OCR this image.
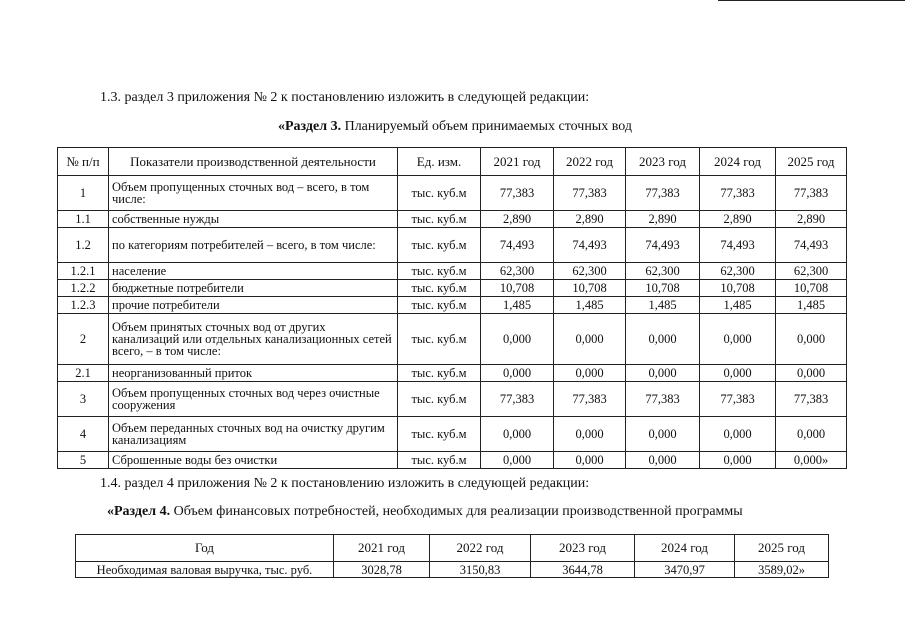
1.3. раздел 3 приложения № 2 к постановлению изложить в следующей редакции:
«Раздел 3. Планируемый объем принимаемых сточных вод
№ п/п	Показатели производственной деятельности	Ед. изм.	2021 год	2022 год	2023 год	2024 год	2025 год
1	Объем пропущенных сточных вод – всего, в том числе:	тыс. куб.м	77,383	77,383	77,383	77,383	77,383
1.1	собственные нужды	тыс. куб.м	2,890	2,890	2,890	2,890	2,890
1.2	по категориям потребителей – всего, в том числе:	тыс. куб.м	74,493	74,493	74,493	74,493	74,493
1.2.1	население	тыс. куб.м	62,300	62,300	62,300	62,300	62,300
1.2.2	бюджетные потребители	тыс. куб.м	10,708	10,708	10,708	10,708	10,708
1.2.3	прочие потребители	тыс. куб.м	1,485	1,485	1,485	1,485	1,485
2	Объем принятых сточных вод от других канализаций или отдельных канализационных сетей всего, – в том числе:	тыс. куб.м	0,000	0,000	0,000	0,000	0,000
2.1	неорганизованный приток	тыс. куб.м	0,000	0,000	0,000	0,000	0,000
3	Объем пропущенных сточных вод через очистные сооружения	тыс. куб.м	77,383	77,383	77,383	77,383	77,383
4	Объем переданных сточных вод на очистку другим канализациям	тыс. куб.м	0,000	0,000	0,000	0,000	0,000
5	Сброшенные воды без очистки	тыс. куб.м	0,000	0,000	0,000	0,000	0,000»
1.4. раздел 4 приложения № 2 к постановлению изложить в следующей редакции:
«Раздел 4. Объем финансовых потребностей, необходимых для реализации производственной программы
Год	2021 год	2022 год	2023 год	2024 год	2025 год
Необходимая валовая выручка, тыс. руб.	3028,78	3150,83	3644,78	3470,97	3589,02»
